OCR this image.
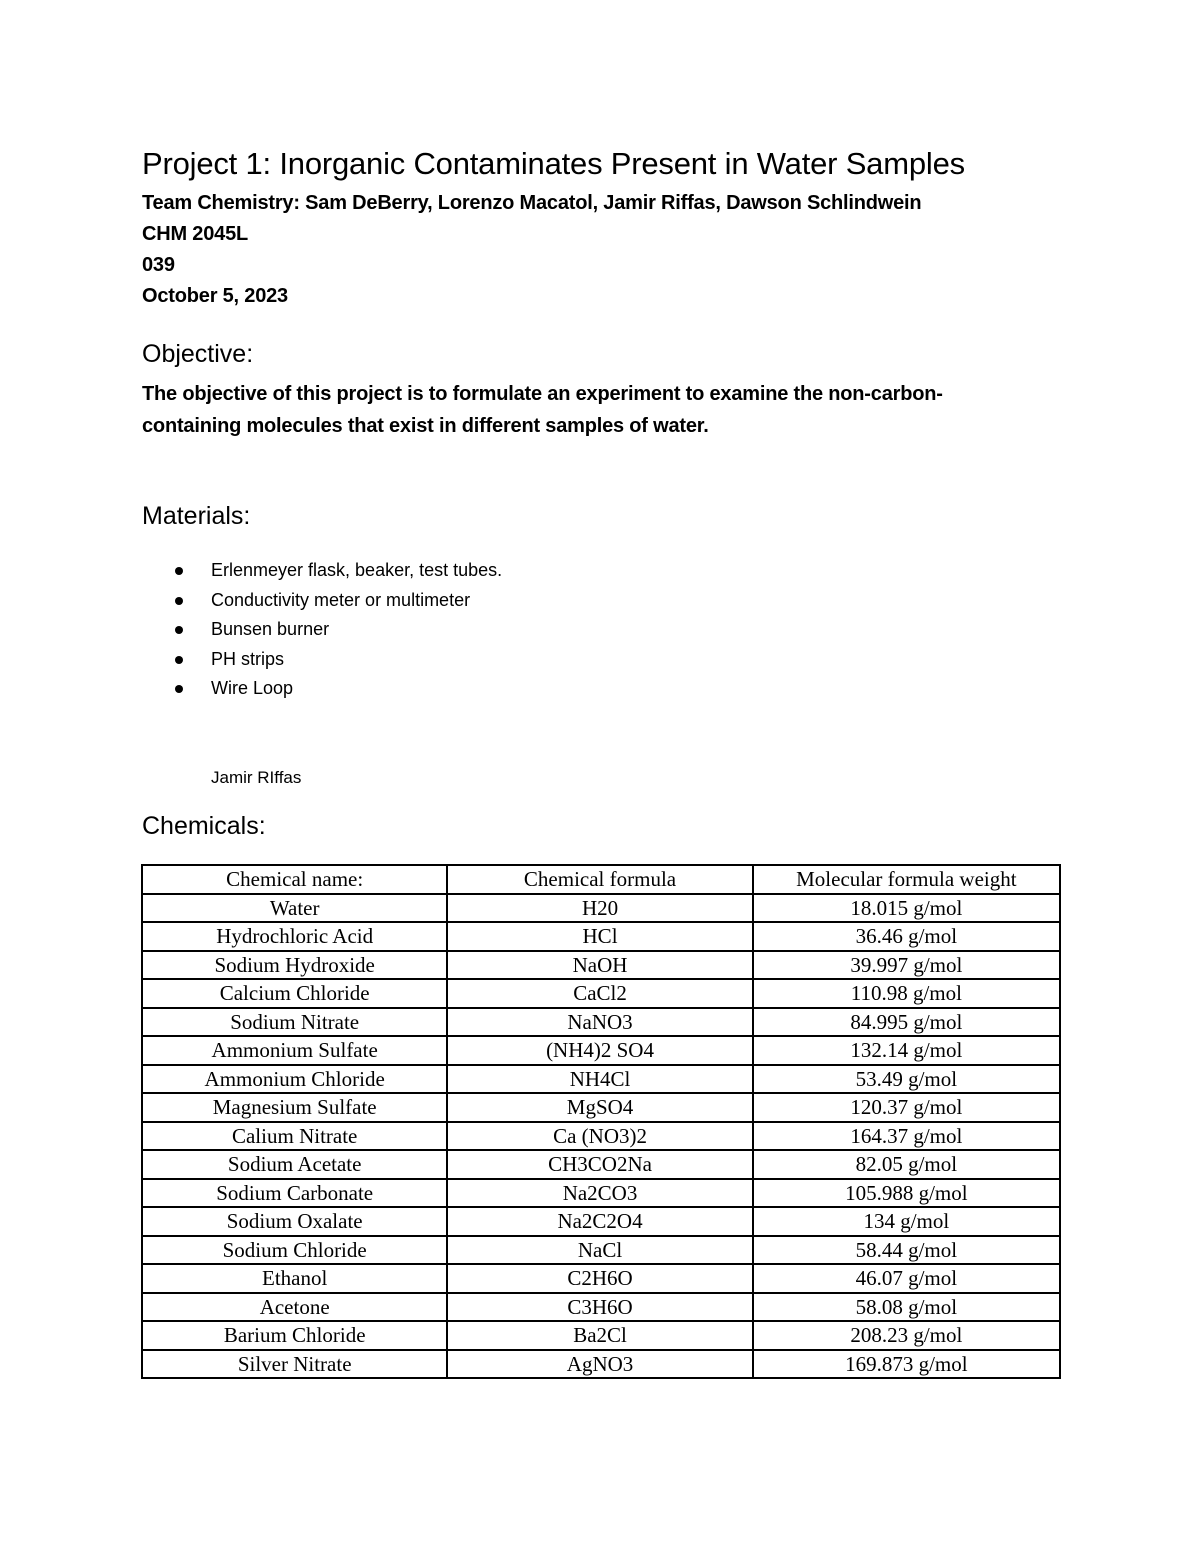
Project 1: Inorganic Contaminates Present in Water Samples

Team Chemistry: Sam DeBerry, Lorenzo Macatol, Jamir Riffas, Dawson Schlindwein

CHM 2045L

039

October 5, 2023

Objective:

The objective of this project is to formulate an experiment to examine the non-carbon-containing molecules that exist in different samples of water.

Materials:
Erlenmeyer flask, beaker, test tubes.
Conductivity meter or multimeter
Bunsen burner
PH strips
Wire Loop

Jamir RIffas

Chemicals:
Chemical name:	Chemical formula	Molecular formula weight
Water	H20	18.015 g/mol
Hydrochloric Acid	HCl	36.46 g/mol
Sodium Hydroxide	NaOH	39.997 g/mol
Calcium Chloride	CaCl2	110.98 g/mol
Sodium Nitrate	NaNO3	84.995 g/mol
Ammonium Sulfate	(NH4)2 SO4	132.14 g/mol
Ammonium Chloride	NH4Cl	53.49 g/mol
Magnesium Sulfate	MgSO4	120.37 g/mol
Calium Nitrate	Ca (NO3)2	164.37 g/mol
Sodium Acetate	CH3CO2Na	82.05 g/mol
Sodium Carbonate	Na2CO3	105.988 g/mol
Sodium Oxalate	Na2C2O4	134 g/mol
Sodium Chloride	NaCl	58.44 g/mol
Ethanol	C2H6O	46.07 g/mol
Acetone	C3H6O	58.08 g/mol
Barium Chloride	Ba2Cl	208.23 g/mol
Silver Nitrate	AgNO3	169.873 g/mol
